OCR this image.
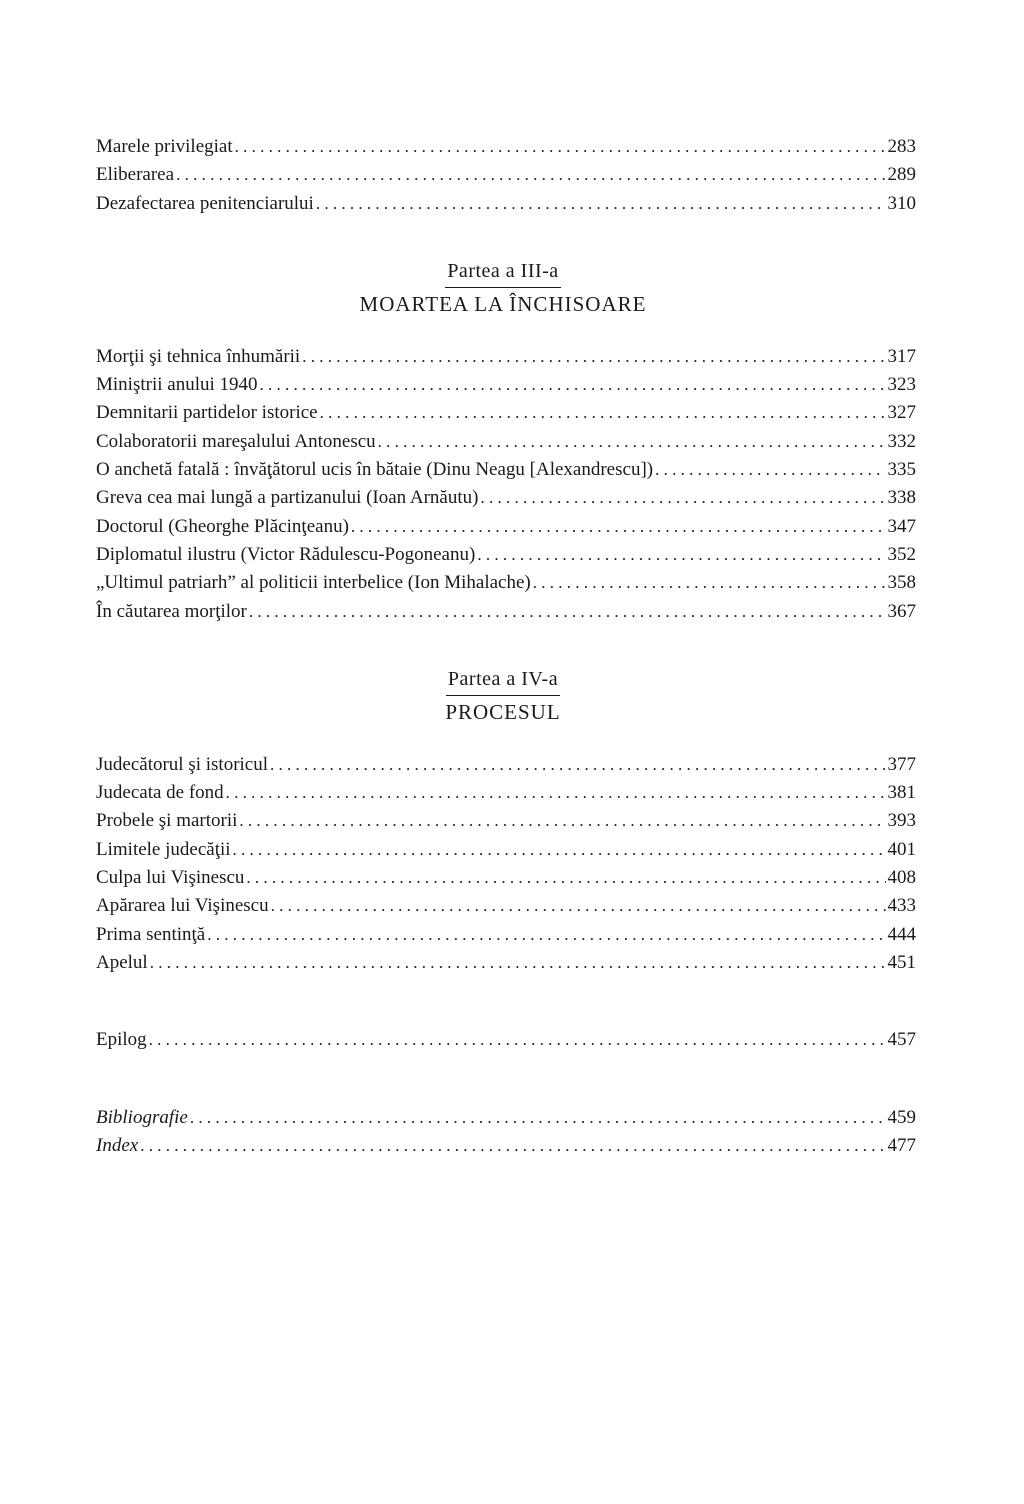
Marele privilegiat . . .	283
Eliberarea . . .	289
Dezafectarea penitenciarului . . .	310
Partea a III-a
MOARTEA LA ÎNCHISOARE
Morţii şi tehnica înhumării . . .	317
Miniştrii anului 1940 . . .	323
Demnitarii partidelor istorice . . .	327
Colaboratorii mareşalului Antonescu . . .	332
O anchetă fatală : învăţătorul ucis în bătaie (Dinu Neagu [Alexandrescu]) . . .	335
Greva cea mai lungă a partizanului (Ioan Arnăutu) . . .	338
Doctorul (Gheorghe Plăcinţeanu) . . .	347
Diplomatul ilustru (Victor Rădulescu-Pogoneanu) . . .	352
„Ultimul patriarh” al politicii interbelice (Ion Mihalache) . . .	358
În căutarea morţilor . . .	367
Partea a IV-a
PROCESUL
Judecătorul şi istoricul . . .	377
Judecata de fond . . .	381
Probele şi martorii . . .	393
Limitele judecăţii . . .	401
Culpa lui Vişinescu . . .	408
Apărarea lui Vişinescu . . .	433
Prima sentinţă . . .	444
Apelul . . .	451
Epilog . . .	457
Bibliografie . . .	459
Index . . .	477
